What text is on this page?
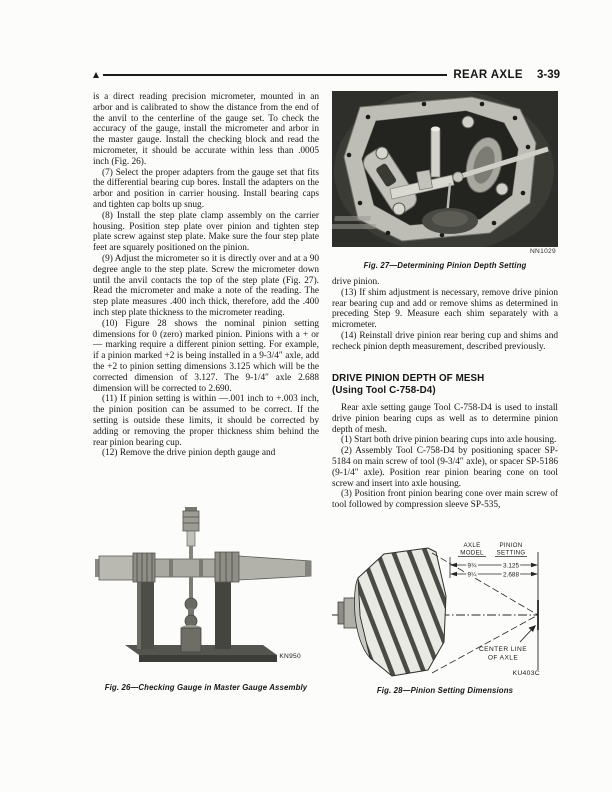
REAR AXLE 3-39

is a direct reading precision micrometer, mounted in an arbor and is calibrated to show the distance from the end of the anvil to the centerline of the gauge set. To check the accuracy of the gauge, install the micrometer and arbor in the master gauge. Install the checking block and read the micrometer, it should be accurate within less than .0005 inch (Fig. 26).

(7) Select the proper adapters from the gauge set that fits the differential bearing cup bores. Install the adapters on the arbor and position in carrier housing. Install bearing caps and tighten cap bolts up snug.

(8) Install the step plate clamp assembly on the carrier housing. Position step plate over pinion and tighten step plate screw against step plate. Make sure the four step plate feet are squarely positioned on the pinion.

(9) Adjust the micrometer so it is directly over and at a 90 degree angle to the step plate. Screw the micrometer down until the anvil contacts the top of the step plate (Fig. 27). Read the micrometer and make a note of the reading. The step plate measures .400 inch thick, therefore, add the .400 inch step plate thickness to the micrometer reading.

(10) Figure 28 shows the nominal pinion setting dimensions for 0 (zero) marked pinion. Pinions with a + or — marking require a different pinion setting. For example, if a pinion marked +2 is being installed in a 9-3/4″ axle, add the +2 to pinion setting dimensions 3.125 which will be the corrected dimension of 3.127. The 9-1/4″ axle 2.688 dimension will be corrected to 2.690.

(11) If pinion setting is within —.001 inch to +.003 inch, the pinion position can be assumed to be correct. If the setting is outside these limits, it should be corrected by adding or removing the proper thickness shim behind the rear pinion bearing cup.

(12) Remove the drive pinion depth gauge and

KN950
Fig. 26—Checking Gauge in Master Gauge Assembly
NN1029
Fig. 27—Determining Pinion Depth Setting

drive pinion.

(13) If shim adjustment is necessary, remove drive pinion rear bearing cup and add or remove shims as determined in preceding Step 9. Measure each shim separately with a micrometer.

(14) Reinstall drive pinion rear bering cup and shims and recheck pinion depth measurement, described previously.

DRIVE PINION DEPTH OF MESH
(Using Tool C-758-D4)

Rear axle setting gauge Tool C-758-D4 is used to install drive pinion bearing cups as well as to determine pinion depth of mesh.

(1) Start both drive pinion bearing cups into axle housing.

(2) Assembly Tool C-758-D4 by positioning spacer SP-5184 on main screw of tool (9-3/4″ axle), or spacer SP-5186 (9-1/4″ axle). Position rear pinion bearing cone on tool screw and insert into axle housing.

(3) Position front pinion bearing cone over main screw of tool followed by compression sleeve SP-535,

AXLE
MODEL
PINION
SETTING
9¾	3.125
9¼	2.688
CENTER LINE
OF AXLE
KU403C
Fig. 28—Pinion Setting Dimensions
